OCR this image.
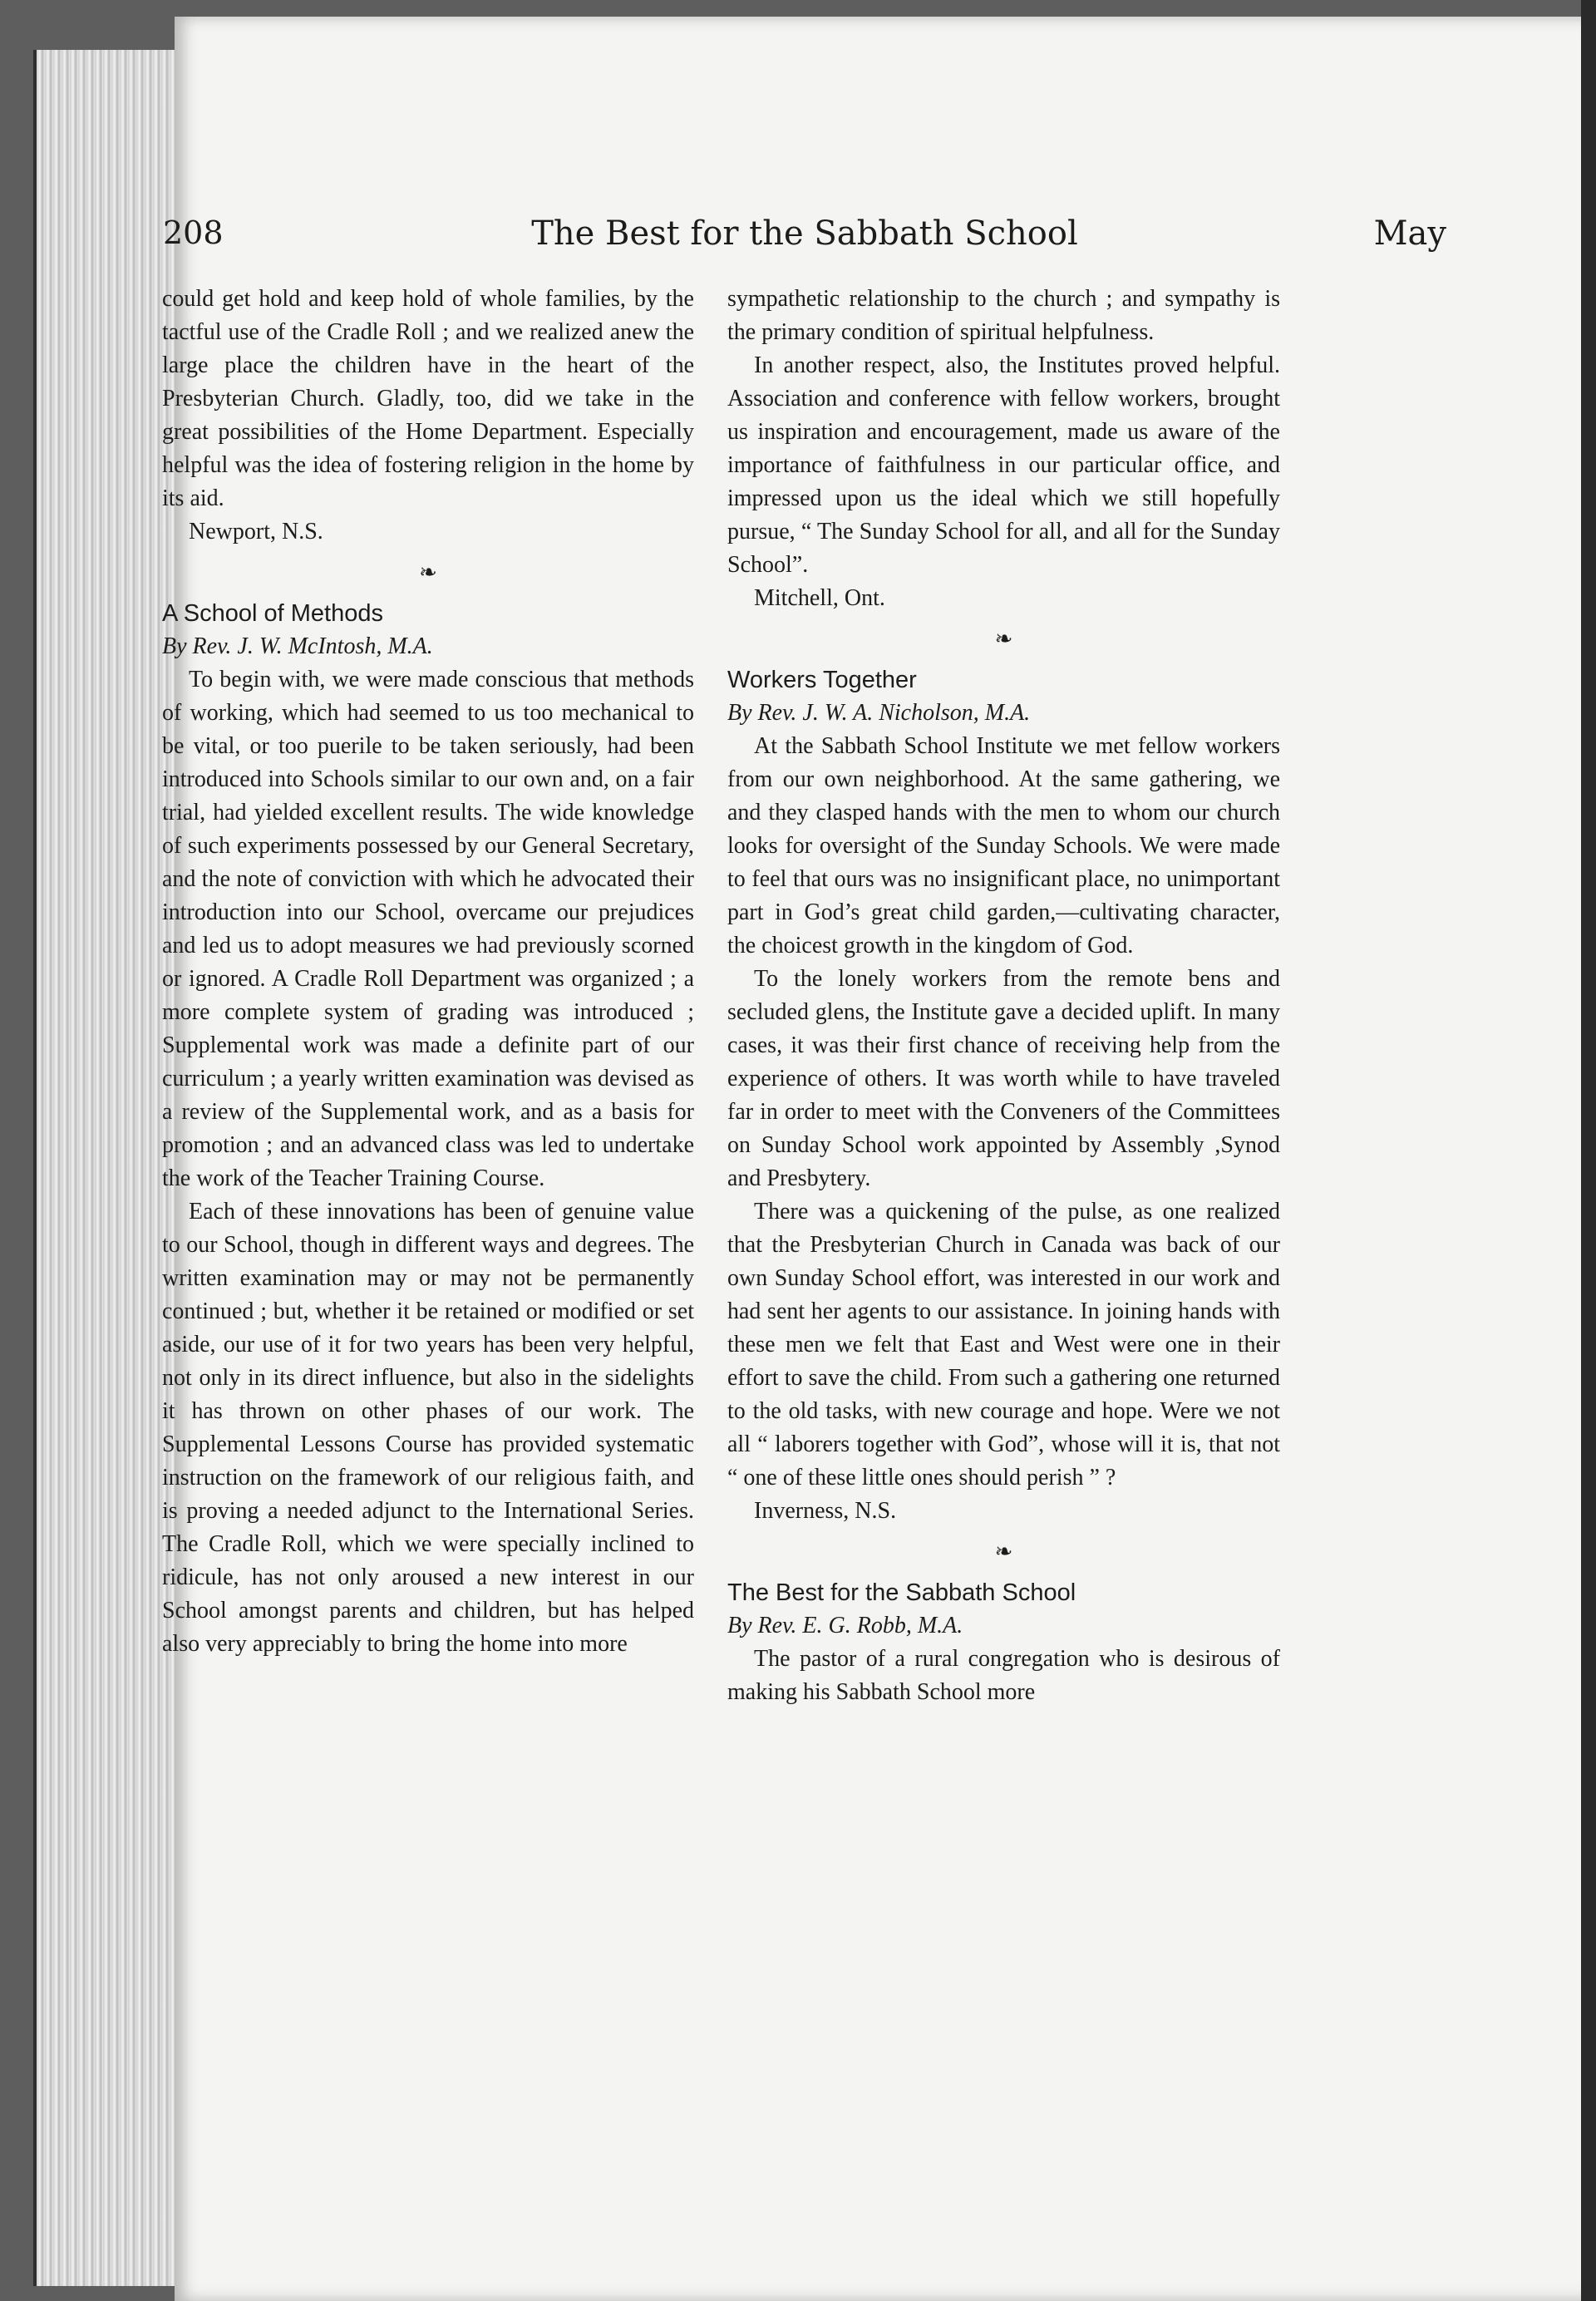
208	The Best for the Sabbath School	May

could get hold and keep hold of whole families, by the tactful use of the Cradle Roll ; and we realized anew the large place the children have in the heart of the Presbyterian Church. Gladly, too, did we take in the great possibilities of the Home Department. Especially helpful was the idea of fostering religion in the home by its aid.

Newport, N.S.

❧

A School of Methods

By Rev. J. W. McIntosh, M.A.

To begin with, we were made conscious that methods of working, which had seemed to us too mechanical to be vital, or too puerile to be taken seriously, had been introduced into Schools similar to our own and, on a fair trial, had yielded excellent results. The wide knowledge of such experiments possessed by our General Secretary, and the note of conviction with which he advocated their introduction into our School, overcame our prejudices and led us to adopt measures we had previously scorned or ignored. A Cradle Roll Department was organized ; a more complete system of grading was introduced ; Supplemental work was made a definite part of our curriculum ; a yearly written examination was devised as a review of the Supplemental work, and as a basis for promotion ; and an advanced class was led to undertake the work of the Teacher Training Course.

Each of these innovations has been of genuine value to our School, though in different ways and degrees. The written examination may or may not be permanently continued ; but, whether it be retained or modified or set aside, our use of it for two years has been very helpful, not only in its direct influence, but also in the sidelights it has thrown on other phases of our work. The Supplemental Lessons Course has provided systematic instruction on the framework of our religious faith, and is proving a needed adjunct to the International Series. The Cradle Roll, which we were specially inclined to ridicule, has not only aroused a new interest in our School amongst parents and children, but has helped also very appreciably to bring the home into more

sympathetic relationship to the church ; and sympathy is the primary condition of spiritual helpfulness.

In another respect, also, the Institutes proved helpful. Association and conference with fellow workers, brought us inspiration and encouragement, made us aware of the importance of faithfulness in our particular office, and impressed upon us the ideal which we still hopefully pursue, “ The Sunday School for all, and all for the Sunday School”.

Mitchell, Ont.

❧

Workers Together

By Rev. J. W. A. Nicholson, M.A.

At the Sabbath School Institute we met fellow workers from our own neighborhood. At the same gathering, we and they clasped hands with the men to whom our church looks for oversight of the Sunday Schools. We were made to feel that ours was no insignificant place, no unimportant part in God’s great child garden,—cultivating character, the choicest growth in the kingdom of God.

To the lonely workers from the remote bens and secluded glens, the Institute gave a decided uplift. In many cases, it was their first chance of receiving help from the experience of others. It was worth while to have traveled far in order to meet with the Conveners of the Committees on Sunday School work appointed by Assembly ,Synod and Presbytery.

There was a quickening of the pulse, as one realized that the Presbyterian Church in Canada was back of our own Sunday School effort, was interested in our work and had sent her agents to our assistance. In joining hands with these men we felt that East and West were one in their effort to save the child. From such a gathering one returned to the old tasks, with new courage and hope. Were we not all “ laborers together with God”, whose will it is, that not “ one of these little ones should perish ” ?

Inverness, N.S.

❧

The Best for the Sabbath School

By Rev. E. G. Robb, M.A.

The pastor of a rural congregation who is desirous of making his Sabbath School more
